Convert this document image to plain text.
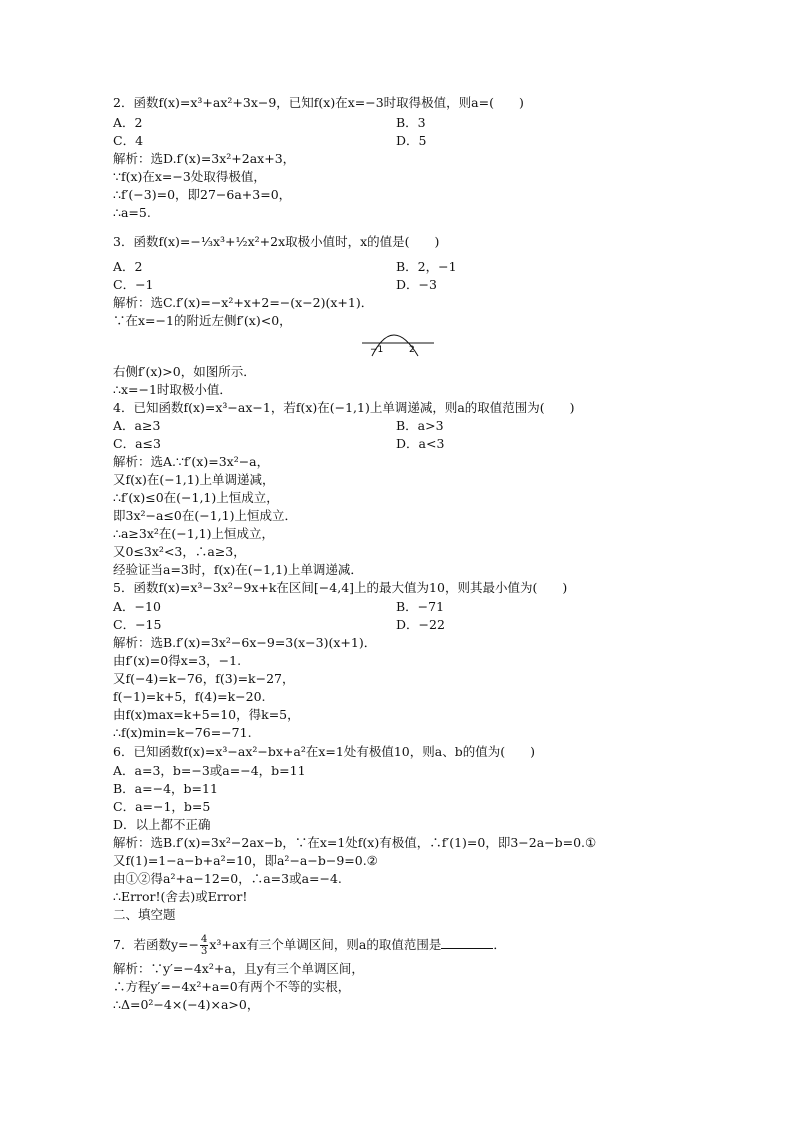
2．函数f(x)=x³+ax²+3x−9，已知f(x)在x=−3时取得极值，则a=(　　)
A．2	B．3
C．4	D．5
解析：选D.f′(x)=3x²+2ax+3，
∵f(x)在x=−3处取得极值，
∴f′(−3)=0，即27−6a+3=0，
∴a=5.
3．函数f(x)=−⅓x³+½x²+2x取极小值时，x的值是(　　)
A．2	B．2，−1
C．−1	D．−3
解析：选C.f′(x)=−x²+x+2=−(x−2)(x+1)．
∵在x=−1的附近左侧f′(x)<0，
−1	2
右侧f′(x)>0，如图所示．
∴x=−1时取极小值．
4．已知函数f(x)=x³−ax−1，若f(x)在(−1,1)上单调递减，则a的取值范围为(　　)
A．a≥3	B．a>3
C．a≤3	D．a<3
解析：选A.∵f′(x)=3x²−a，
又f(x)在(−1,1)上单调递减，
∴f′(x)≤0在(−1,1)上恒成立，
即3x²−a≤0在(−1,1)上恒成立．
∴a≥3x²在(−1,1)上恒成立，
又0≤3x²<3，∴a≥3，
经验证当a=3时，f(x)在(−1,1)上单调递减．
5．函数f(x)=x³−3x²−9x+k在区间[−4,4]上的最大值为10，则其最小值为(　　)
A．−10	B．−71
C．−15	D．−22
解析：选B.f′(x)=3x²−6x−9=3(x−3)(x+1)．
由f′(x)=0得x=3，−1.
又f(−4)=k−76，f(3)=k−27，
f(−1)=k+5，f(4)=k−20.
由f(x)max=k+5=10，得k=5，
∴f(x)min=k−76=−71.
6．已知函数f(x)=x³−ax²−bx+a²在x=1处有极值10，则a、b的值为(　　)
A．a=3，b=−3或a=−4，b=11
B．a=−4，b=11
C．a=−1，b=5
D．以上都不正确
解析：选B.f′(x)=3x²−2ax−b，∵在x=1处f(x)有极值，∴f′(1)=0，即3−2a−b=0.①
又f(1)=1−a−b+a²=10，即a²−a−b−9=0.②
由①②得a²+a−12=0，∴a=3或a=−4.
∴Error!(舍去)或Error!
二、填空题
7．若函数$y=- \frac{4}{3} x^3+ax$有三个单调区间，则a的取值范围是	．
解析：∵y′=−4x²+a，且y有三个单调区间，
∴方程y′=−4x²+a=0有两个不等的实根，
∴Δ=0²−4×(−4)×a>0，
